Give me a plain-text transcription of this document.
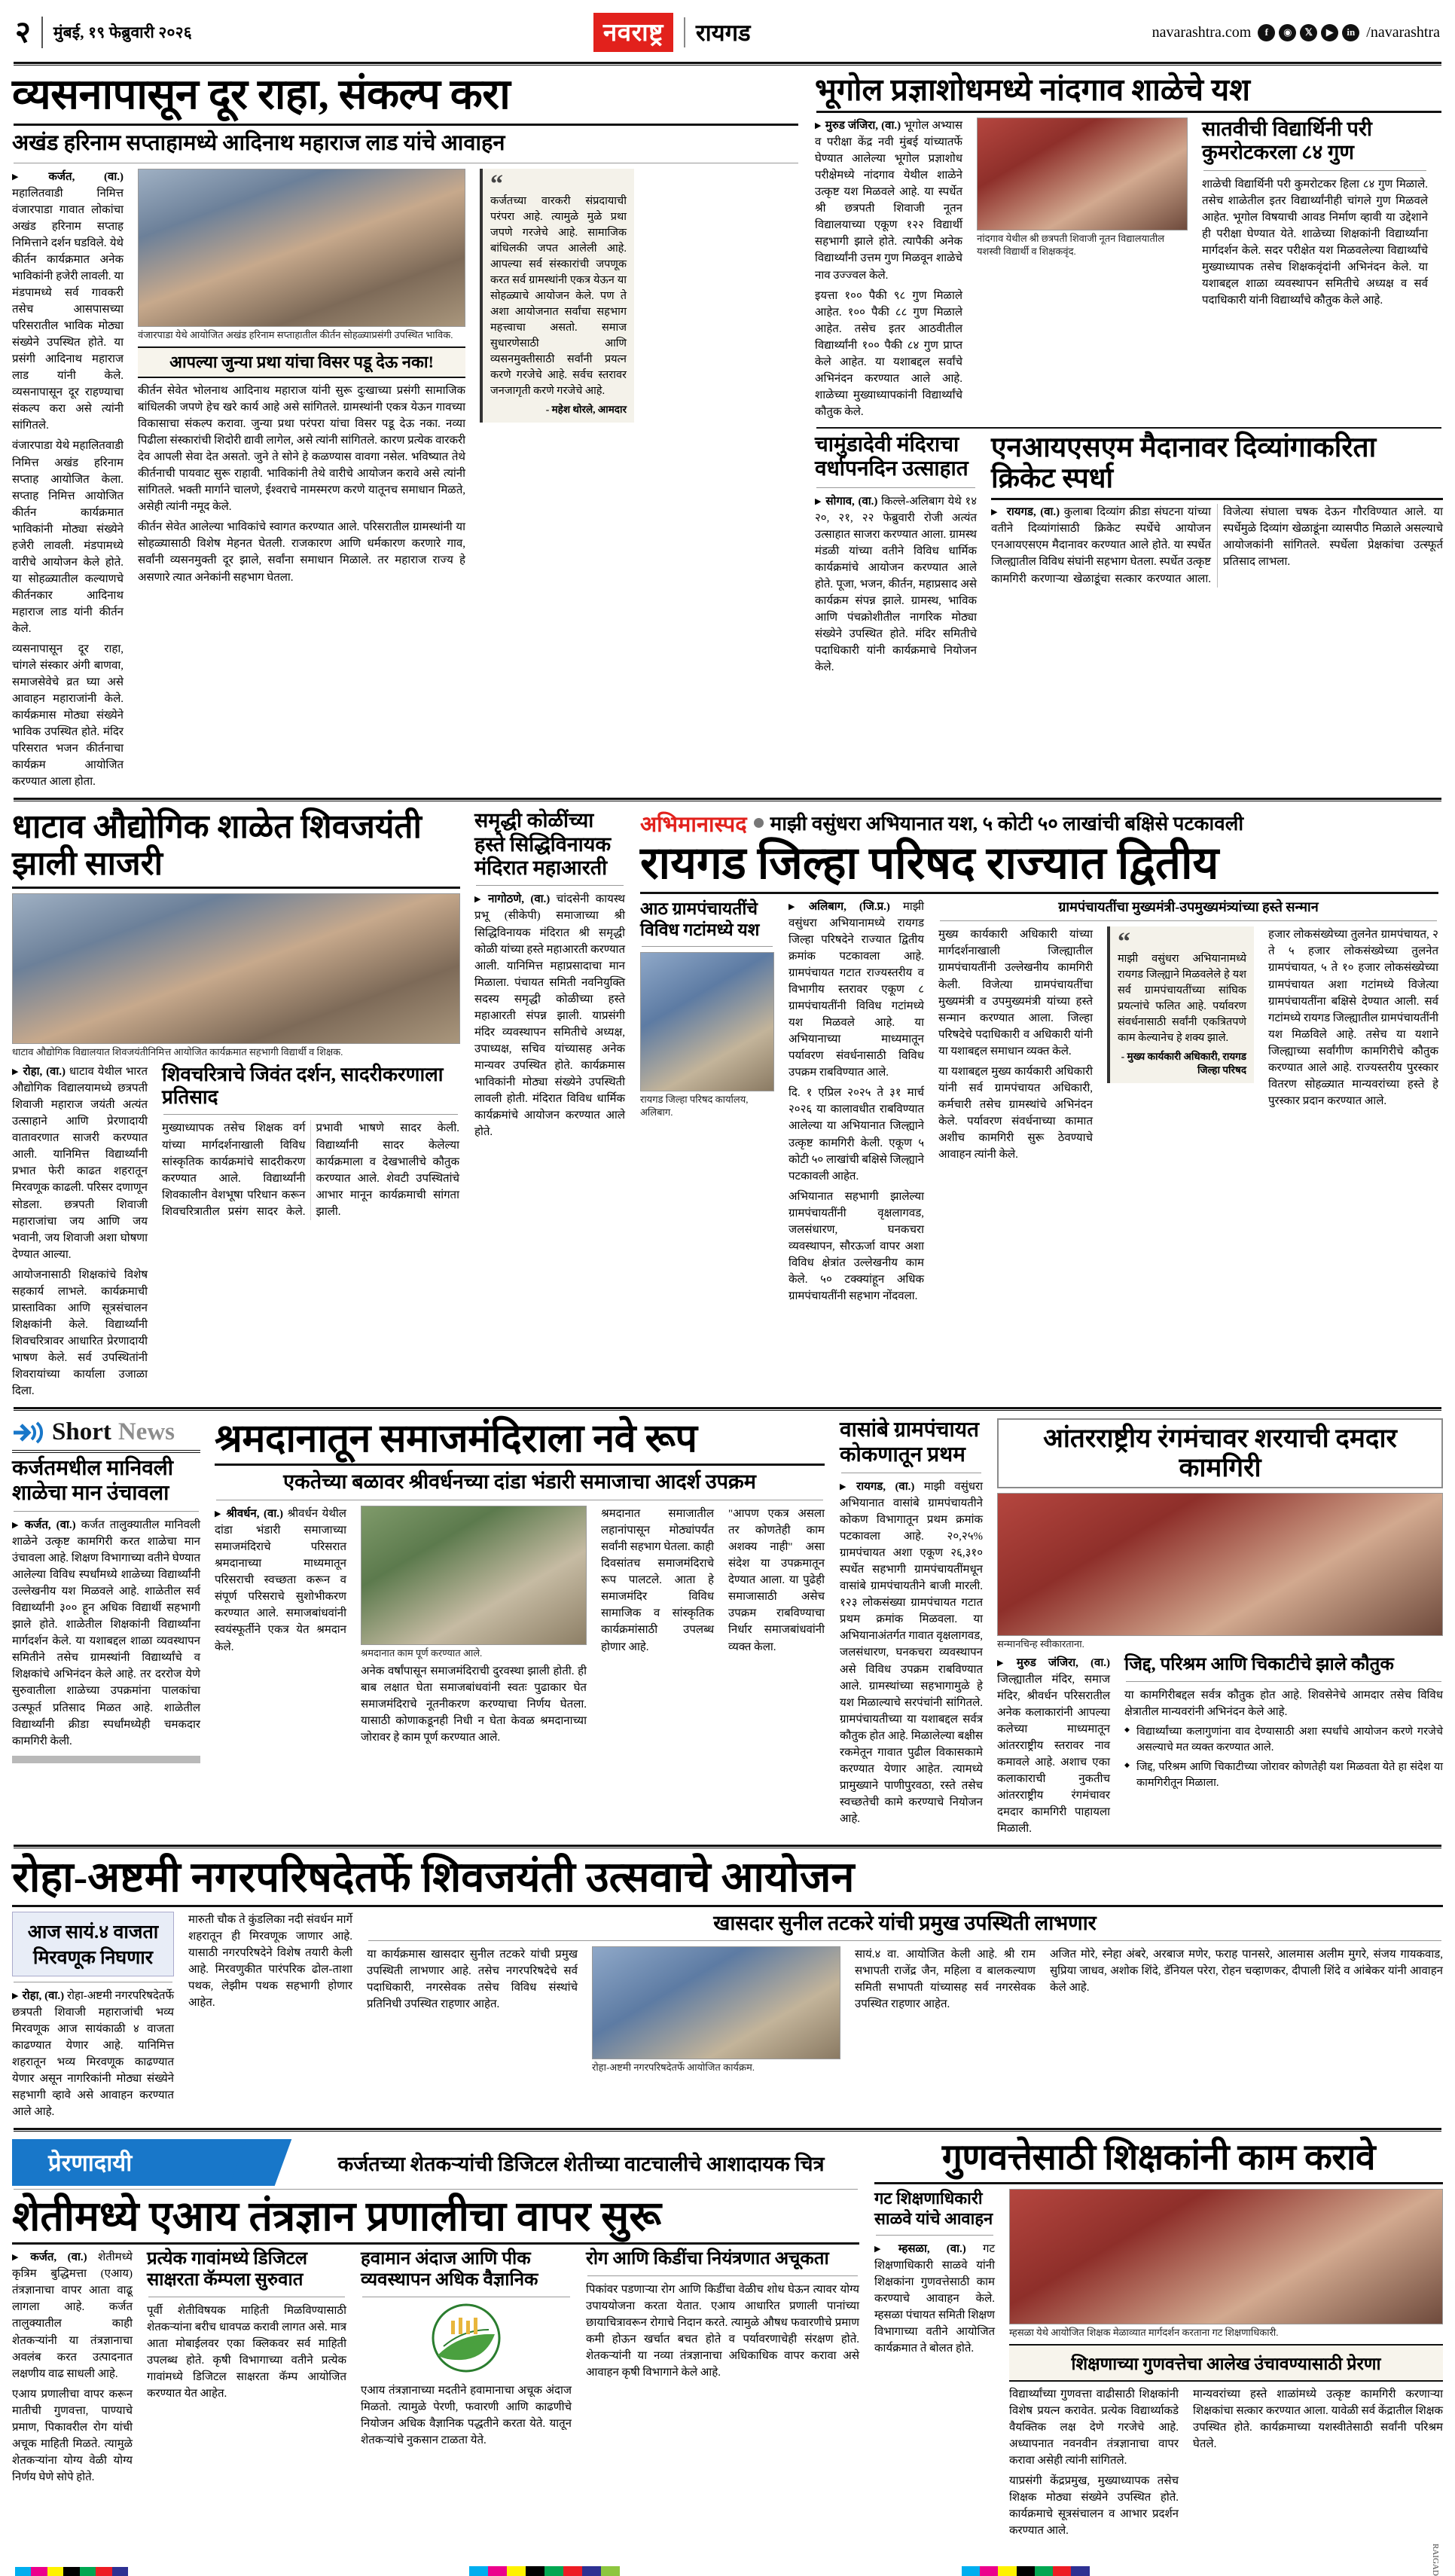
२	मुंबई, १९ फेब्रुवारी २०२६	नवराष्ट्र	रायगड	navarashtra.com	f	◉	𝕏	▶	in /navarashtra
व्यसनापासून दूर राहा, संकल्प करा
अखंड हरिनाम सप्ताहामध्ये आदिनाथ महाराज लाड यांचे आवाहन

▶ कर्जत, (वा.) महालितवाडी निमित्त वंजारपाडा गावात लोकांचा अखंड हरिनाम सप्ताह निमित्ताने दर्शन घडविले. येथे कीर्तन कार्यक्रमात अनेक भाविकांनी हजेरी लावली. या मंडपामध्ये सर्व गावकरी तसेच आसपासच्या परिसरातील भाविक मोठ्या संख्येने उपस्थित होते. या प्रसंगी आदिनाथ महाराज लाड यांनी केले. व्यसनापासून दूर राहण्याचा संकल्प करा असे त्यांनी सांगितले.

वंजारपाडा येथे महालितवाडी निमित्त अखंड हरिनाम सप्ताह आयोजित केला. सप्ताह निमित्त आयोजित कीर्तन कार्यक्रमात भाविकांनी मोठ्या संख्येने हजेरी लावली. मंडपामध्ये वारीचे आयोजन केले होते. या सोहळ्यातील कल्याणचे कीर्तनकार आदिनाथ महाराज लाड यांनी कीर्तन केले.

व्यसनापासून दूर राहा, चांगले संस्कार अंगी बाणवा, समाजसेवेचे व्रत घ्या असे आवाहन महाराजांनी केले. कार्यक्रमास मोठ्या संख्येने भाविक उपस्थित होते. मंदिर परिसरात भजन कीर्तनाचा कार्यक्रम आयोजित करण्यात आला होता.

वंजारपाडा येथे आयोजित अखंड हरिनाम सप्ताहातील कीर्तन सोहळ्याप्रसंगी उपस्थित भाविक.
आपल्या जुन्या प्रथा यांचा विसर पडू देऊ नका!

कीर्तन सेवेत भोलनाथ आदिनाथ महाराज यांनी सुरू दुःखाच्या प्रसंगी सामाजिक बांधिलकी जपणे हेच खरे कार्य आहे असे सांगितले. ग्रामस्थांनी एकत्र येऊन गावच्या विकासाचा संकल्प करावा. जुन्या प्रथा परंपरा यांचा विसर पडू देऊ नका. नव्या पिढीला संस्कारांची शिदोरी द्यावी लागेल, असे त्यांनी सांगितले. कारण प्रत्येक वारकरी देव आपली सेवा देत असतो. जुने ते सोने हे कळण्यास वावगा नसेल. भविष्यात तेथे कीर्तनाची पायवाट सुरू राहावी. भाविकांनी तेथे वारीचे आयोजन करावे असे त्यांनी सांगितले. भक्ती मार्गाने चालणे, ईश्वराचे नामस्मरण करणे यातूनच समाधान मिळते, असेही त्यांनी नमूद केले.

कीर्तन सेवेत आलेल्या भाविकांचे स्वागत करण्यात आले. परिसरातील ग्रामस्थांनी या सोहळ्यासाठी विशेष मेहनत घेतली. राजकारण आणि धर्मकारण करणारे गाव, सर्वांनी व्यसनमुक्ती दूर झाले, सर्वांना समाधान मिळाले. तर महाराज राज्य हे असणारे त्यात अनेकांनी सहभाग घेतला.

“

कर्जतच्या वारकरी संप्रदायाची परंपरा आहे. त्यामुळे मुळे प्रथा जपणे गरजेचे आहे. सामाजिक बांधिलकी जपत आलेली आहे. आपल्या सर्व संस्कारांची जपणूक करत सर्व ग्रामस्थांनी एकत्र येऊन या सोहळ्याचे आयोजन केले. पण ते अशा आयोजनात सर्वांचा सहभाग महत्त्वाचा असतो. समाज सुधारणेसाठी आणि व्यसनमुक्तीसाठी सर्वांनी प्रयत्न करणे गरजेचे आहे. सर्वच स्तरावर जनजागृती करणे गरजेचे आहे.

- महेश थोरले, आमदार
भूगोल प्रज्ञाशोधमध्ये नांदगाव शाळेचे यश

▶ मुरुड जंजिरा, (वा.) भूगोल अभ्यास व परीक्षा केंद्र नवी मुंबई यांच्यातर्फे घेण्यात आलेल्या भूगोल प्रज्ञाशोध परीक्षेमध्ये नांदगाव येथील शाळेने उत्कृष्ट यश मिळवले आहे. या स्पर्धेत श्री छत्रपती शिवाजी नूतन विद्यालयाच्या एकूण १२२ विद्यार्थी सहभागी झाले होते. त्यापैकी अनेक विद्यार्थ्यांनी उत्तम गुण मिळवून शाळेचे नाव उज्ज्वल केले.

इयत्ता १०० पैकी ९८ गुण मिळाले आहेत. १०० पैकी ८८ गुण मिळाले आहेत. तसेच इतर आठवीतील विद्यार्थ्यांनी १०० पैकी ८४ गुण प्राप्त केले आहेत. या यशाबद्दल सर्वांचे अभिनंदन करण्यात आले आहे. शाळेच्या मुख्याध्यापकांनी विद्यार्थ्यांचे कौतुक केले.

नांदगाव येथील श्री छत्रपती शिवाजी नूतन विद्यालयातील यशस्वी विद्यार्थी व शिक्षकवृंद.
सातवीची विद्यार्थिनी परी कुमरोटकरला ८४ गुण

शाळेची विद्यार्थिनी परी कुमरोटकर हिला ८४ गुण मिळाले. तसेच शाळेतील इतर विद्यार्थ्यांनीही चांगले गुण मिळवले आहेत. भूगोल विषयाची आवड निर्माण व्हावी या उद्देशाने ही परीक्षा घेण्यात येते. शाळेच्या शिक्षकांनी विद्यार्थ्यांना मार्गदर्शन केले. सदर परीक्षेत यश मिळवलेल्या विद्यार्थ्यांचे मुख्याध्यापक तसेच शिक्षकवृंदांनी अभिनंदन केले. या यशाबद्दल शाळा व्यवस्थापन समितीचे अध्यक्ष व सर्व पदाधिकारी यांनी विद्यार्थ्यांचे कौतुक केले आहे.

चामुंडादेवी मंदिराचा वर्धापनदिन उत्साहात

▶ सोगाव, (वा.) किल्ले-अलिबाग येथे १४ २०, २१, २२ फेब्रुवारी रोजी अत्यंत उत्साहात साजरा करण्यात आला. ग्रामस्थ मंडळी यांच्या वतीने विविध धार्मिक कार्यक्रमांचे आयोजन करण्यात आले होते. पूजा, भजन, कीर्तन, महाप्रसाद असे कार्यक्रम संपन्न झाले. ग्रामस्थ, भाविक आणि पंचक्रोशीतील नागरिक मोठ्या संख्येने उपस्थित होते. मंदिर समितीचे पदाधिकारी यांनी कार्यक्रमाचे नियोजन केले.

एनआयएसएम मैदानावर दिव्यांगाकरिता क्रिकेट स्पर्धा

▶ रायगड, (वा.) कुलाबा दिव्यांग क्रीडा संघटना यांच्या वतीने दिव्यांगांसाठी क्रिकेट स्पर्धेचे आयोजन एनआयएसएम मैदानावर करण्यात आले होते. या स्पर्धेत जिल्ह्यातील विविध संघांनी सहभाग घेतला. स्पर्धेत उत्कृष्ट कामगिरी करणाऱ्या खेळाडूंचा सत्कार करण्यात आला. विजेत्या संघाला चषक देऊन गौरविण्यात आले. या स्पर्धेमुळे दिव्यांग खेळाडूंना व्यासपीठ मिळाले असल्याचे आयोजकांनी सांगितले. स्पर्धेला प्रेक्षकांचा उत्स्फूर्त प्रतिसाद लाभला.

धाटाव औद्योगिक शाळेत शिवजयंती झाली साजरी
धाटाव औद्योगिक विद्यालयात शिवजयंतीनिमित्त आयोजित कार्यक्रमात सहभागी विद्यार्थी व शिक्षक.

▶ रोहा, (वा.) धाटाव येथील भारत औद्योगिक विद्यालयामध्ये छत्रपती शिवाजी महाराज जयंती अत्यंत उत्साहाने आणि प्रेरणादायी वातावरणात साजरी करण्यात आली. यानिमित्त विद्यार्थ्यांनी प्रभात फेरी काढत शहरातून मिरवणूक काढली. परिसर दणाणून सोडला. छत्रपती शिवाजी महाराजांचा जय आणि जय भवानी, जय शिवाजी अशा घोषणा देण्यात आल्या.

आयोजनासाठी शिक्षकांचे विशेष सहकार्य लाभले. कार्यक्रमाची प्रास्ताविका आणि सूत्रसंचालन शिक्षकांनी केले. विद्यार्थ्यांनी शिवचरित्रावर आधारित प्रेरणादायी भाषण केले. सर्व उपस्थितांनी शिवरायांच्या कार्याला उजाळा दिला.

शिवचरित्राचे जिवंत दर्शन, सादरीकरणाला प्रतिसाद

मुख्याध्यापक तसेच शिक्षक वर्ग यांच्या मार्गदर्शनाखाली विविध सांस्कृतिक कार्यक्रमांचे सादरीकरण करण्यात आले. विद्यार्थ्यांनी शिवकालीन वेशभूषा परिधान करून शिवचरित्रातील प्रसंग सादर केले. प्रभावी भाषणे सादर केली. विद्यार्थ्यांनी सादर केलेल्या कार्यक्रमाला व देखभालीचे कौतुक करण्यात आले. शेवटी उपस्थितांचे आभार मानून कार्यक्रमाची सांगता झाली.

समृद्धी कोळींच्या हस्ते सिद्धिविनायक मंदिरात महाआरती

▶ नागोठणे, (वा.) चांदसेनी कायस्थ प्रभू (सीकेपी) समाजाच्या श्री सिद्धिविनायक मंदिरात श्री समृद्धी कोळी यांच्या हस्ते महाआरती करण्यात आली. यानिमित्त महाप्रसादाचा मान मिळाला. पंचायत समिती नवनियुक्ति सदस्य समृद्धी कोळीच्या हस्ते महाआरती संपन्न झाली. याप्रसंगी मंदिर व्यवस्थापन समितीचे अध्यक्ष, उपाध्यक्ष, सचिव यांच्यासह अनेक मान्यवर उपस्थित होते. कार्यक्रमास भाविकांनी मोठ्या संख्येने उपस्थिती लावली होती. मंदिरात विविध धार्मिक कार्यक्रमांचे आयोजन करण्यात आले होते.

अभिमानास्पद माझी वसुंधरा अभियानात यश, ५ कोटी ५० लाखांची बक्षिसे पटकावली
रायगड जिल्हा परिषद राज्यात द्वितीय
आठ ग्रामपंचायतींचे विविध गटांमध्ये यश
रायगड जिल्हा परिषद कार्यालय, अलिबाग.

▶ अलिबाग, (जि.प्र.) माझी वसुंधरा अभियानामध्ये रायगड जिल्हा परिषदेने राज्यात द्वितीय क्रमांक पटकावला आहे. ग्रामपंचायत गटात राज्यस्तरीय व विभागीय स्तरावर एकूण ८ ग्रामपंचायतींनी विविध गटांमध्ये यश मिळवले आहे. या अभियानाच्या माध्यमातून पर्यावरण संवर्धनासाठी विविध उपक्रम राबविण्यात आले.

दि. १ एप्रिल २०२५ ते ३१ मार्च २०२६ या कालावधीत राबविण्यात आलेल्या या अभियानात जिल्ह्याने उत्कृष्ट कामगिरी केली. एकूण ५ कोटी ५० लाखांची बक्षिसे जिल्ह्याने पटकावली आहेत.

अभियानात सहभागी झालेल्या ग्रामपंचायतींनी वृक्षलागवड, जलसंधारण, घनकचरा व्यवस्थापन, सौरऊर्जा वापर अशा विविध क्षेत्रांत उल्लेखनीय काम केले. ५० टक्क्यांहून अधिक ग्रामपंचायतींनी सहभाग नोंदवला.

ग्रामपंचायतींचा मुख्यमंत्री-उपमुख्यमंत्र्यांच्या हस्ते सन्मान

मुख्य कार्यकारी अधिकारी यांच्या मार्गदर्शनाखाली जिल्ह्यातील ग्रामपंचायतींनी उल्लेखनीय कामगिरी केली. विजेत्या ग्रामपंचायतींचा मुख्यमंत्री व उपमुख्यमंत्री यांच्या हस्ते सन्मान करण्यात आला. जिल्हा परिषदेचे पदाधिकारी व अधिकारी यांनी या यशाबद्दल समाधान व्यक्त केले.

या यशाबद्दल मुख्य कार्यकारी अधिकारी यांनी सर्व ग्रामपंचायत अधिकारी, कर्मचारी तसेच ग्रामस्थांचे अभिनंदन केले. पर्यावरण संवर्धनाच्या कामात अशीच कामगिरी सुरू ठेवण्याचे आवाहन त्यांनी केले.

“

माझी वसुंधरा अभियानामध्ये रायगड जिल्ह्याने मिळवलेले हे यश सर्व ग्रामपंचायतींच्या सांघिक प्रयत्नांचे फलित आहे. पर्यावरण संवर्धनासाठी सर्वांनी एकत्रितपणे काम केल्यानेच हे शक्य झाले.

- मुख्य कार्यकारी अधिकारी, रायगड जिल्हा परिषद

हजार लोकसंख्येच्या तुलनेत ग्रामपंचायत, २ ते ५ हजार लोकसंख्येच्या तुलनेत ग्रामपंचायत, ५ ते १० हजार लोकसंख्येच्या ग्रामपंचायत अशा गटांमध्ये विजेत्या ग्रामपंचायतींना बक्षिसे देण्यात आली. सर्व गटांमध्ये रायगड जिल्ह्यातील ग्रामपंचायतींनी यश मिळविले आहे. तसेच या यशाने जिल्ह्याच्या सर्वांगीण कामगिरीचे कौतुक करण्यात आले आहे. राज्यस्तरीय पुरस्कार वितरण सोहळ्यात मान्यवरांच्या हस्ते हे पुरस्कार प्रदान करण्यात आले.

Short News
कर्जतमधील मानिवली शाळेचा मान उंचावला

▶ कर्जत, (वा.) कर्जत तालुक्यातील मानिवली शाळेने उत्कृष्ट कामगिरी करत शाळेचा मान उंचावला आहे. शिक्षण विभागाच्या वतीने घेण्यात आलेल्या विविध स्पर्धांमध्ये शाळेच्या विद्यार्थ्यांनी उल्लेखनीय यश मिळवले आहे. शाळेतील सर्व विद्यार्थ्यांनी ३०० हून अधिक विद्यार्थी सहभागी झाले होते. शाळेतील शिक्षकांनी विद्यार्थ्यांना मार्गदर्शन केले. या यशाबद्दल शाळा व्यवस्थापन समितीने तसेच ग्रामस्थांनी विद्यार्थ्यांचे व शिक्षकांचे अभिनंदन केले आहे. तर दररोज येणे सुरुवातीला शाळेच्या उपक्रमांना पालकांचा उत्स्फूर्त प्रतिसाद मिळत आहे. शाळेतील विद्यार्थ्यांनी क्रीडा स्पर्धांमध्येही चमकदार कामगिरी केली.

श्रमदानातून समाजमंदिराला नवे रूप
एकतेच्या बळावर श्रीवर्धनच्या दांडा भंडारी समाजाचा आदर्श उपक्रम

▶ श्रीवर्धन, (वा.) श्रीवर्धन येथील दांडा भंडारी समाजाच्या समाजमंदिराचे परिसरात श्रमदानाच्या माध्यमातून परिसराची स्वच्छता करून व संपूर्ण परिसराचे सुशोभीकरण करण्यात आले. समाजबांधवांनी स्वयंस्फूर्तीने एकत्र येत श्रमदान केले.

श्रमदानात काम पूर्ण करण्यात आले.

अनेक वर्षांपासून समाजमंदिराची दुरवस्था झाली होती. ही बाब लक्षात घेता समाजबांधवांनी स्वतः पुढाकार घेत समाजमंदिराचे नूतनीकरण करण्याचा निर्णय घेतला. यासाठी कोणाकडूनही निधी न घेता केवळ श्रमदानाच्या जोरावर हे काम पूर्ण करण्यात आले.

श्रमदानात समाजातील लहानांपासून मोठ्यांपर्यंत सर्वांनी सहभाग घेतला. काही दिवसांतच समाजमंदिराचे रूप पालटले. आता हे समाजमंदिर विविध सामाजिक व सांस्कृतिक कार्यक्रमांसाठी उपलब्ध होणार आहे.

"आपण एकत्र असला तर कोणतेही काम अशक्य नाही" असा संदेश या उपक्रमातून देण्यात आला. या पुढेही समाजासाठी असेच उपक्रम राबविण्याचा निर्धार समाजबांधवांनी व्यक्त केला.

वासांबे ग्रामपंचायत कोकणातून प्रथम

▶ रायगड, (वा.) माझी वसुंधरा अभियानात वासांबे ग्रामपंचायतीने कोकण विभागातून प्रथम क्रमांक पटकावला आहे. २०,२५% ग्रामपंचायत अशा एकूण २६,३१० स्पर्धेत सहभागी ग्रामपंचायतींमधून वासांबे ग्रामपंचायतीने बाजी मारली. १२३ लोकसंख्या ग्रामपंचायत गटात प्रथम क्रमांक मिळवला. या अभियानाअंतर्गत गावात वृक्षलागवड, जलसंधारण, घनकचरा व्यवस्थापन असे विविध उपक्रम राबविण्यात आले. ग्रामस्थांच्या सहभागामुळे हे यश मिळाल्याचे सरपंचांनी सांगितले. ग्रामपंचायतीच्या या यशाबद्दल सर्वत्र कौतुक होत आहे. मिळालेल्या बक्षीस रकमेतून गावात पुढील विकासकामे करण्यात येणार आहेत. त्यामध्ये प्रामुख्याने पाणीपुरवठा, रस्ते तसेच स्वच्छतेची कामे करण्याचे नियोजन आहे.

आंतरराष्ट्रीय रंगमंचावर शरयाची दमदार कामगिरी
सन्मानचिन्ह स्वीकारताना.

▶ मुरुड जंजिरा, (वा.) जिल्ह्यातील मंदिर, समाज मंदिर, श्रीवर्धन परिसरातील अनेक कलाकारांनी आपल्या कलेच्या माध्यमातून आंतरराष्ट्रीय स्तरावर नाव कमावले आहे. अशाच एका कलाकाराची नुकतीच आंतरराष्ट्रीय रंगमंचावर दमदार कामगिरी पाहायला मिळाली.

जिद्द, परिश्रम आणि चिकाटीचे झाले कौतुक

या कामगिरीबद्दल सर्वत्र कौतुक होत आहे. शिवसेनेचे आमदार तसेच विविध क्षेत्रातील मान्यवरांनी अभिनंदन केले आहे.

◆ विद्यार्थ्यांच्या कलागुणांना वाव देण्यासाठी अशा स्पर्धांचे आयोजन करणे गरजेचे असल्याचे मत व्यक्त करण्यात आले.
◆ जिद्द, परिश्रम आणि चिकाटीच्या जोरावर कोणतेही यश मिळवता येते हा संदेश या कामगिरीतून मिळाला.
रोहा-अष्टमी नगरपरिषदेतर्फे शिवजयंती उत्सवाचे आयोजन
आज सायं.४ वाजता
मिरवणूक निघणार

▶ रोहा, (वा.) रोहा-अष्टमी नगरपरिषदेतर्फे छत्रपती शिवाजी महाराजांची भव्य मिरवणूक आज सायंकाळी ४ वाजता काढण्यात येणार आहे. यानिमित्त शहरातून भव्य मिरवणूक काढण्यात येणार असून नागरिकांनी मोठ्या संख्येने सहभागी व्हावे असे आवाहन करण्यात आले आहे.

मारुती चौक ते कुंडलिका नदी संवर्धन मार्गे शहरातून ही मिरवणूक जाणार आहे. यासाठी नगरपरिषदेने विशेष तयारी केली आहे. मिरवणुकीत पारंपरिक ढोल-ताशा पथक, लेझीम पथक सहभागी होणार आहेत.

खासदार सुनील तटकरे यांची प्रमुख उपस्थिती लाभणार

या कार्यक्रमास खासदार सुनील तटकरे यांची प्रमुख उपस्थिती लाभणार आहे. तसेच नगरपरिषदेचे सर्व पदाधिकारी, नगरसेवक तसेच विविध संस्थांचे प्रतिनिधी उपस्थित राहणार आहेत.

रोहा-अष्टमी नगरपरिषदेतर्फे आयोजित कार्यक्रम.

सायं.४ वा. आयोजित केली आहे. श्री राम सभापती राजेंद्र जैन, महिला व बालकल्याण समिती सभापती यांच्यासह सर्व नगरसेवक उपस्थित राहणार आहेत.

अजित मोरे, स्नेहा अंबरे, अरबाज मणेर, फराह पानसरे, आलमास अलीम मुगरे, संजय गायकवाड, सुप्रिया जाधव, अशोक शिंदे, डॅनियल परेरा, रोहन चव्हाणकर, दीपाली शिंदे व आंबेकर यांनी आवाहन केले आहे.

प्रेरणादायी	कर्जतच्या शेतकऱ्यांची डिजिटल शेतीच्या वाटचालीचे आशादायक चित्र
शेतीमध्ये एआय तंत्रज्ञान प्रणालीचा वापर सुरू

▶ कर्जत, (वा.) शेतीमध्ये कृत्रिम बुद्धिमत्ता (एआय) तंत्रज्ञानाचा वापर आता वाढू लागला आहे. कर्जत तालुक्यातील काही शेतकऱ्यांनी या तंत्रज्ञानाचा अवलंब करत उत्पादनात लक्षणीय वाढ साधली आहे.

एआय प्रणालीचा वापर करून मातीची गुणवत्ता, पाण्याचे प्रमाण, पिकावरील रोग यांची अचूक माहिती मिळते. त्यामुळे शेतकऱ्यांना योग्य वेळी योग्य निर्णय घेणे सोपे होते.

प्रत्येक गावांमध्ये डिजिटल साक्षरता कॅम्पला सुरुवात

पूर्वी शेतीविषयक माहिती मिळविण्यासाठी शेतकऱ्यांना बरीच धावपळ करावी लागत असे. मात्र आता मोबाईलवर एका क्लिकवर सर्व माहिती उपलब्ध होते. कृषी विभागाच्या वतीने प्रत्येक गावांमध्ये डिजिटल साक्षरता कॅम्प आयोजित करण्यात येत आहेत.

हवामान अंदाज आणि पीक व्यवस्थापन अधिक वैज्ञानिक

एआय तंत्रज्ञानाच्या मदतीने हवामानाचा अचूक अंदाज मिळतो. त्यामुळे पेरणी, फवारणी आणि काढणीचे नियोजन अधिक वैज्ञानिक पद्धतीने करता येते. यातून शेतकऱ्यांचे नुकसान टाळता येते.

रोग आणि किडींचा नियंत्रणात अचूकता

पिकांवर पडणाऱ्या रोग आणि किडींचा वेळीच शोध घेऊन त्यावर योग्य उपाययोजना करता येतात. एआय आधारित प्रणाली पानांच्या छायाचित्रावरून रोगाचे निदान करते. त्यामुळे औषध फवारणीचे प्रमाण कमी होऊन खर्चात बचत होते व पर्यावरणाचेही संरक्षण होते. शेतकऱ्यांनी या नव्या तंत्रज्ञानाचा अधिकाधिक वापर करावा असे आवाहन कृषी विभागाने केले आहे.

गुणवत्तेसाठी शिक्षकांनी काम करावे
गट शिक्षणाधिकारी साळवे यांचे आवाहन

▶ म्हसळा, (वा.) गट शिक्षणाधिकारी साळवे यांनी शिक्षकांना गुणवत्तेसाठी काम करण्याचे आवाहन केले. म्हसळा पंचायत समिती शिक्षण विभागाच्या वतीने आयोजित कार्यक्रमात ते बोलत होते.

म्हसळा येथे आयोजित शिक्षक मेळाव्यात मार्गदर्शन करताना गट शिक्षणाधिकारी.
शिक्षणाच्या गुणवत्तेचा आलेख उंचावण्यासाठी प्रेरणा

विद्यार्थ्यांच्या गुणवत्ता वाढीसाठी शिक्षकांनी विशेष प्रयत्न करावेत. प्रत्येक विद्यार्थ्याकडे वैयक्तिक लक्ष देणे गरजेचे आहे. अध्यापनात नवनवीन तंत्रज्ञानाचा वापर करावा असेही त्यांनी सांगितले.

याप्रसंगी केंद्रप्रमुख, मुख्याध्यापक तसेच शिक्षक मोठ्या संख्येने उपस्थित होते. कार्यक्रमाचे सूत्रसंचालन व आभार प्रदर्शन करण्यात आले.

मान्यवरांच्या हस्ते शाळांमध्ये उत्कृष्ट कामगिरी करणाऱ्या शिक्षकांचा सत्कार करण्यात आला. यावेळी सर्व केंद्रातील शिक्षक उपस्थित होते. कार्यक्रमाच्या यशस्वीतेसाठी सर्वांनी परिश्रम घेतले.

RAIGAD
